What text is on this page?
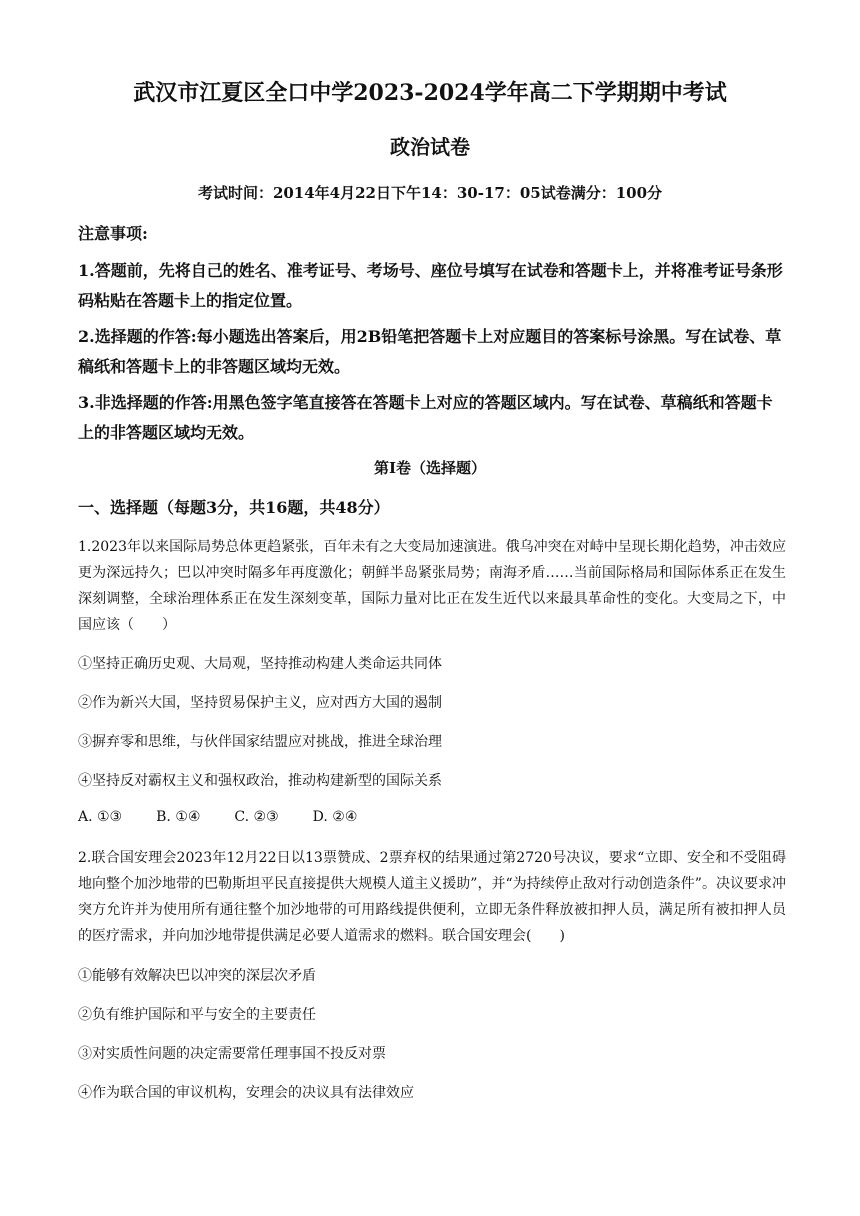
武汉市江夏区全口中学2023-2024学年高二下学期期中考试
政治试卷
考试时间：2014年4月22日下午14：30-17：05试卷满分：100分
注意事项:
1.答题前，先将自己的姓名、准考证号、考场号、座位号填写在试卷和答题卡上，并将准考证号条形码粘贴在答题卡上的指定位置。
2.选择题的作答:每小题选出答案后，用2B铅笔把答题卡上对应题目的答案标号涂黑。写在试卷、草稿纸和答题卡上的非答题区域均无效。
3.非选择题的作答:用黑色签字笔直接答在答题卡上对应的答题区域内。写在试卷、草稿纸和答题卡上的非答题区域均无效。
第I卷（选择题）
一、选择题（每题3分，共16题，共48分）
1.2023年以来国际局势总体更趋紧张，百年未有之大变局加速演进。俄乌冲突在对峙中呈现长期化趋势，冲击效应更为深远持久；巴以冲突时隔多年再度激化；朝鲜半岛紧张局势；南海矛盾……当前国际格局和国际体系正在发生深刻调整，全球治理体系正在发生深刻变革，国际力量对比正在发生近代以来最具革命性的变化。大变局之下，中国应该（　　）
①坚持正确历史观、大局观，坚持推动构建人类命运共同体
②作为新兴大国，坚持贸易保护主义，应对西方大国的遏制
③摒弃零和思维，与伙伴国家结盟应对挑战，推进全球治理
④坚持反对霸权主义和强权政治，推动构建新型的国际关系
A. ①③ B. ①④ C. ②③ D. ②④
2.联合国安理会2023年12月22日以13票赞成、2票弃权的结果通过第2720号决议，要求“立即、安全和不受阻碍地向整个加沙地带的巴勒斯坦平民直接提供大规模人道主义援助”，并“为持续停止敌对行动创造条件”。决议要求冲突方允许并为使用所有通往整个加沙地带的可用路线提供便利，立即无条件释放被扣押人员，满足所有被扣押人员的医疗需求，并向加沙地带提供满足必要人道需求的燃料。联合国安理会(　　)
①能够有效解决巴以冲突的深层次矛盾
②负有维护国际和平与安全的主要责任
③对实质性问题的决定需要常任理事国不投反对票
④作为联合国的审议机构，安理会的决议具有法律效应
